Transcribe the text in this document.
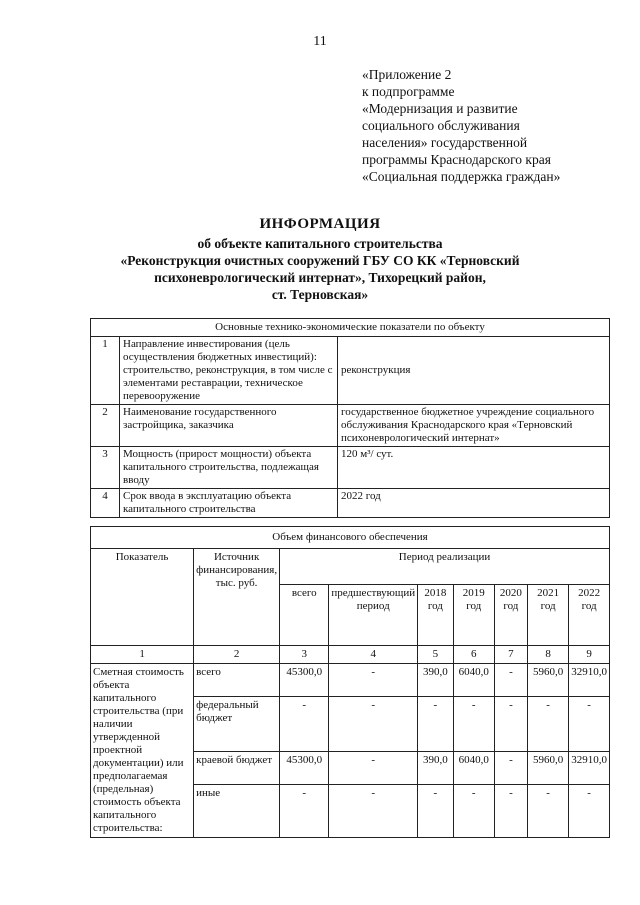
11
«Приложение 2
к подпрограмме
«Модернизация и развитие
социального обслуживания
населения» государственной
программы Краснодарского края
«Социальная поддержка граждан»
ИНФОРМАЦИЯ
об объекте капитального строительства
«Реконструкция очистных сооружений ГБУ СО КК «Терновский
психоневрологический интернат», Тихорецкий район,
ст. Терновская»
Основные технико-экономические показатели по объекту		
1	Направление инвестирования (цель осуществления бюджетных инвестиций): строительство, реконструкция, в том числе с элементами реставрации, техническое перевооружение	реконструкция
2	Наименование государственного застройщика, заказчика	государственное бюджетное учреждение социального обслуживания Краснодарского края «Терновский психоневрологический интернат»
3	Мощность (прирост мощности) объекта капитального строительства, подлежащая вводу	120 м³/ сут.
4	Срок ввода в эксплуатацию объекта капитального строительства	2022 год
Объем финансового обеспечения								
Показатель	Источник финансирования, тыс. руб.	Период реализации						
		всего	предшествующий период	2018 год	2019 год	2020 год	2021 год	2022 год
1	2	3	4	5	6	7	8	9
Сметная стоимость объекта капитального строительства (при наличии утвержденной проектной документации) или предполагаемая (предельная) стоимость объекта капитального строительства:	всего	45300,0	-	390,0	6040,0	-	5960,0	32910,0
	федеральный бюджет	-	-	-	-	-	-	-
	краевой бюджет	45300,0	-	390,0	6040,0	-	5960,0	32910,0
	иные	-	-	-	-	-	-	-
